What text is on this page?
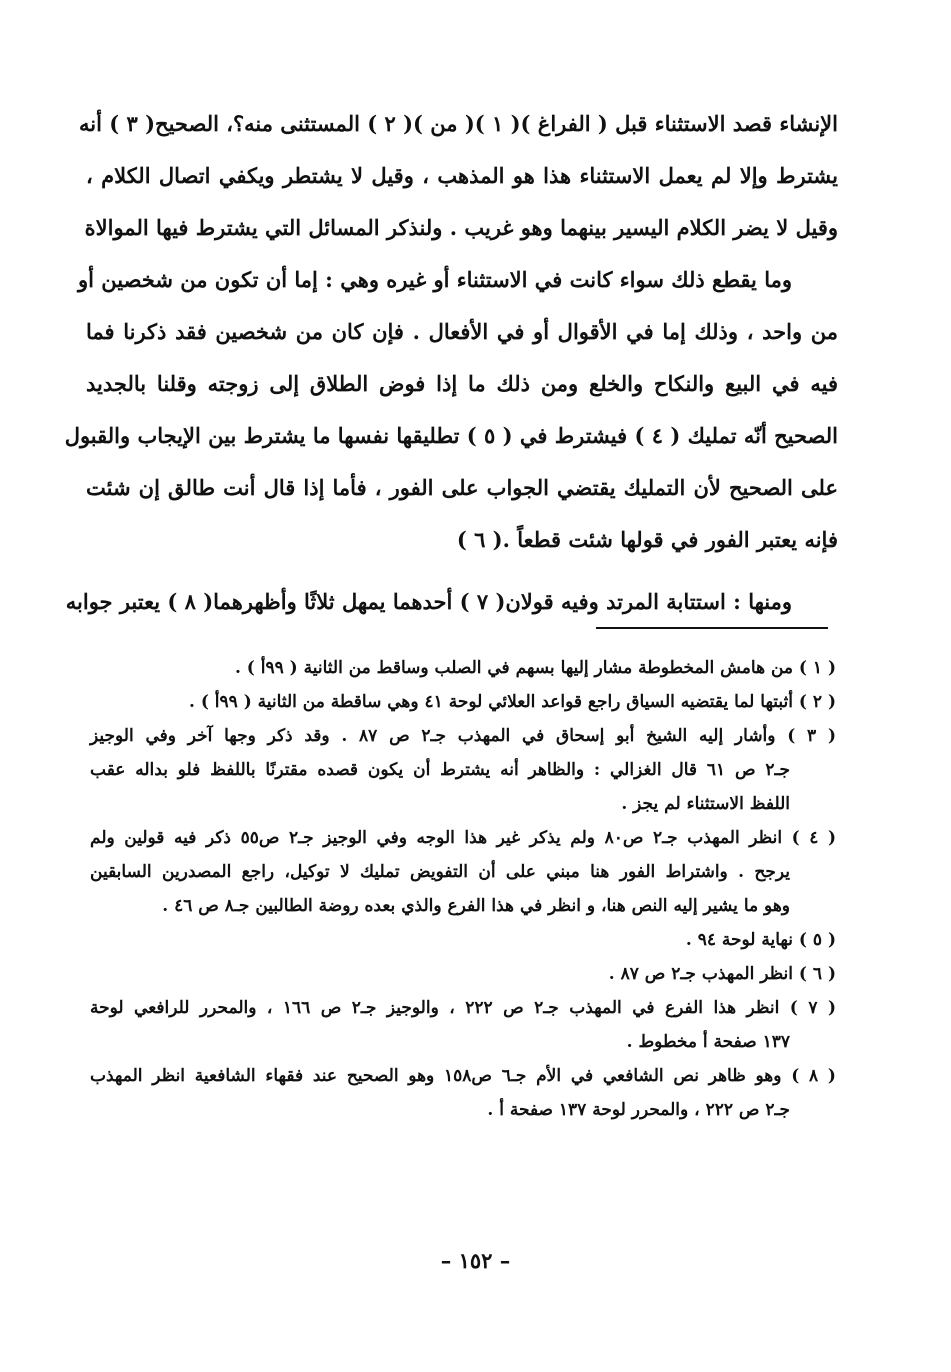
الإنشاء قصد الاستثناء قبل ( الفراغ )( ١ )( من )( ٢ ) المستثنى منه؟، الصحيح( ٣ ) أنه
يشترط وإلا لم يعمل الاستثناء هذا هو المذهب ، وقيل لا يشتطر ويكفي اتصال الكلام ،
وقيل لا يضر الكلام اليسير بينهما وهو غريب . ولنذكر المسائل التي يشترط فيها الموالاة
وما يقطع ذلك سواء كانت في الاستثناء أو غيره وهي : إما أن تكون من شخصين أو
من واحد ، وذلك إما في الأقوال أو في الأفعال . فإن كان من شخصين فقد ذكرنا فما
فيه في البيع والنكاح والخلع ومن ذلك ما إذا فوض الطلاق إلى زوجته وقلنا بالجديد
الصحيح أنّه تمليك ( ٤ ) فيشترط في ( ٥ ) تطليقها نفسها ما يشترط بين الإيجاب والقبول
على الصحيح لأن التمليك يقتضي الجواب على الفور ، فأما إذا قال أنت طالق إن شئت
فإنه يعتبر الفور في قولها شئت قطعاً .( ٦ )
ومنها : استتابة المرتد وفيه قولان( ٧ ) أحدهما يمهل ثلاثًا وأظهرهما( ٨ ) يعتبر جوابه
( ١ ) من هامش المخطوطة مشار إليها بسهم في الصلب وساقط من الثانية ( ٩٩أ ) .
( ٢ ) أثبتها لما يقتضيه السياق راجع قواعد العلائي لوحة ٤١ وهي ساقطة من الثانية ( ٩٩أ ) .
( ٣ ) وأشار إليه الشيخ أبو إسحاق في المهذب جـ٢ ص ٨٧ . وقد ذكر وجها آخر وفي الوجيز
جـ٢ ص ٦١ قال الغزالي : والظاهر أنه يشترط أن يكون قصده مقترنًا باللفظ فلو بداله عقب
اللفظ الاستثناء لم يجز .
( ٤ ) انظر المهذب جـ٢ ص٨٠ ولم يذكر غير هذا الوجه وفي الوجيز جـ٢ ص٥٥ ذكر فيه قولين ولم
يرجح . واشتراط الفور هنا مبني على أن التفويض تمليك لا توكيل، راجع المصدرين السابقين
وهو ما يشير إليه النص هنا، و انظر في هذا الفرع والذي بعده روضة الطالبين جـ٨ ص ٤٦ .
( ٥ ) نهاية لوحة ٩٤ .
( ٦ ) انظر المهذب جـ٢ ص ٨٧ .
( ٧ ) انظر هذا الفرع في المهذب جـ٢ ص ٢٢٢ ، والوجيز جـ٢ ص ١٦٦ ، والمحرر للرافعي لوحة
١٣٧ صفحة أ مخطوط .
( ٨ ) وهو ظاهر نص الشافعي في الأم جـ٦ ص١٥٨ وهو الصحيح عند فقهاء الشافعية انظر المهذب
جـ٢ ص ٢٢٢ ، والمحرر لوحة ١٣٧ صفحة أ .
– ١٥٢ –
